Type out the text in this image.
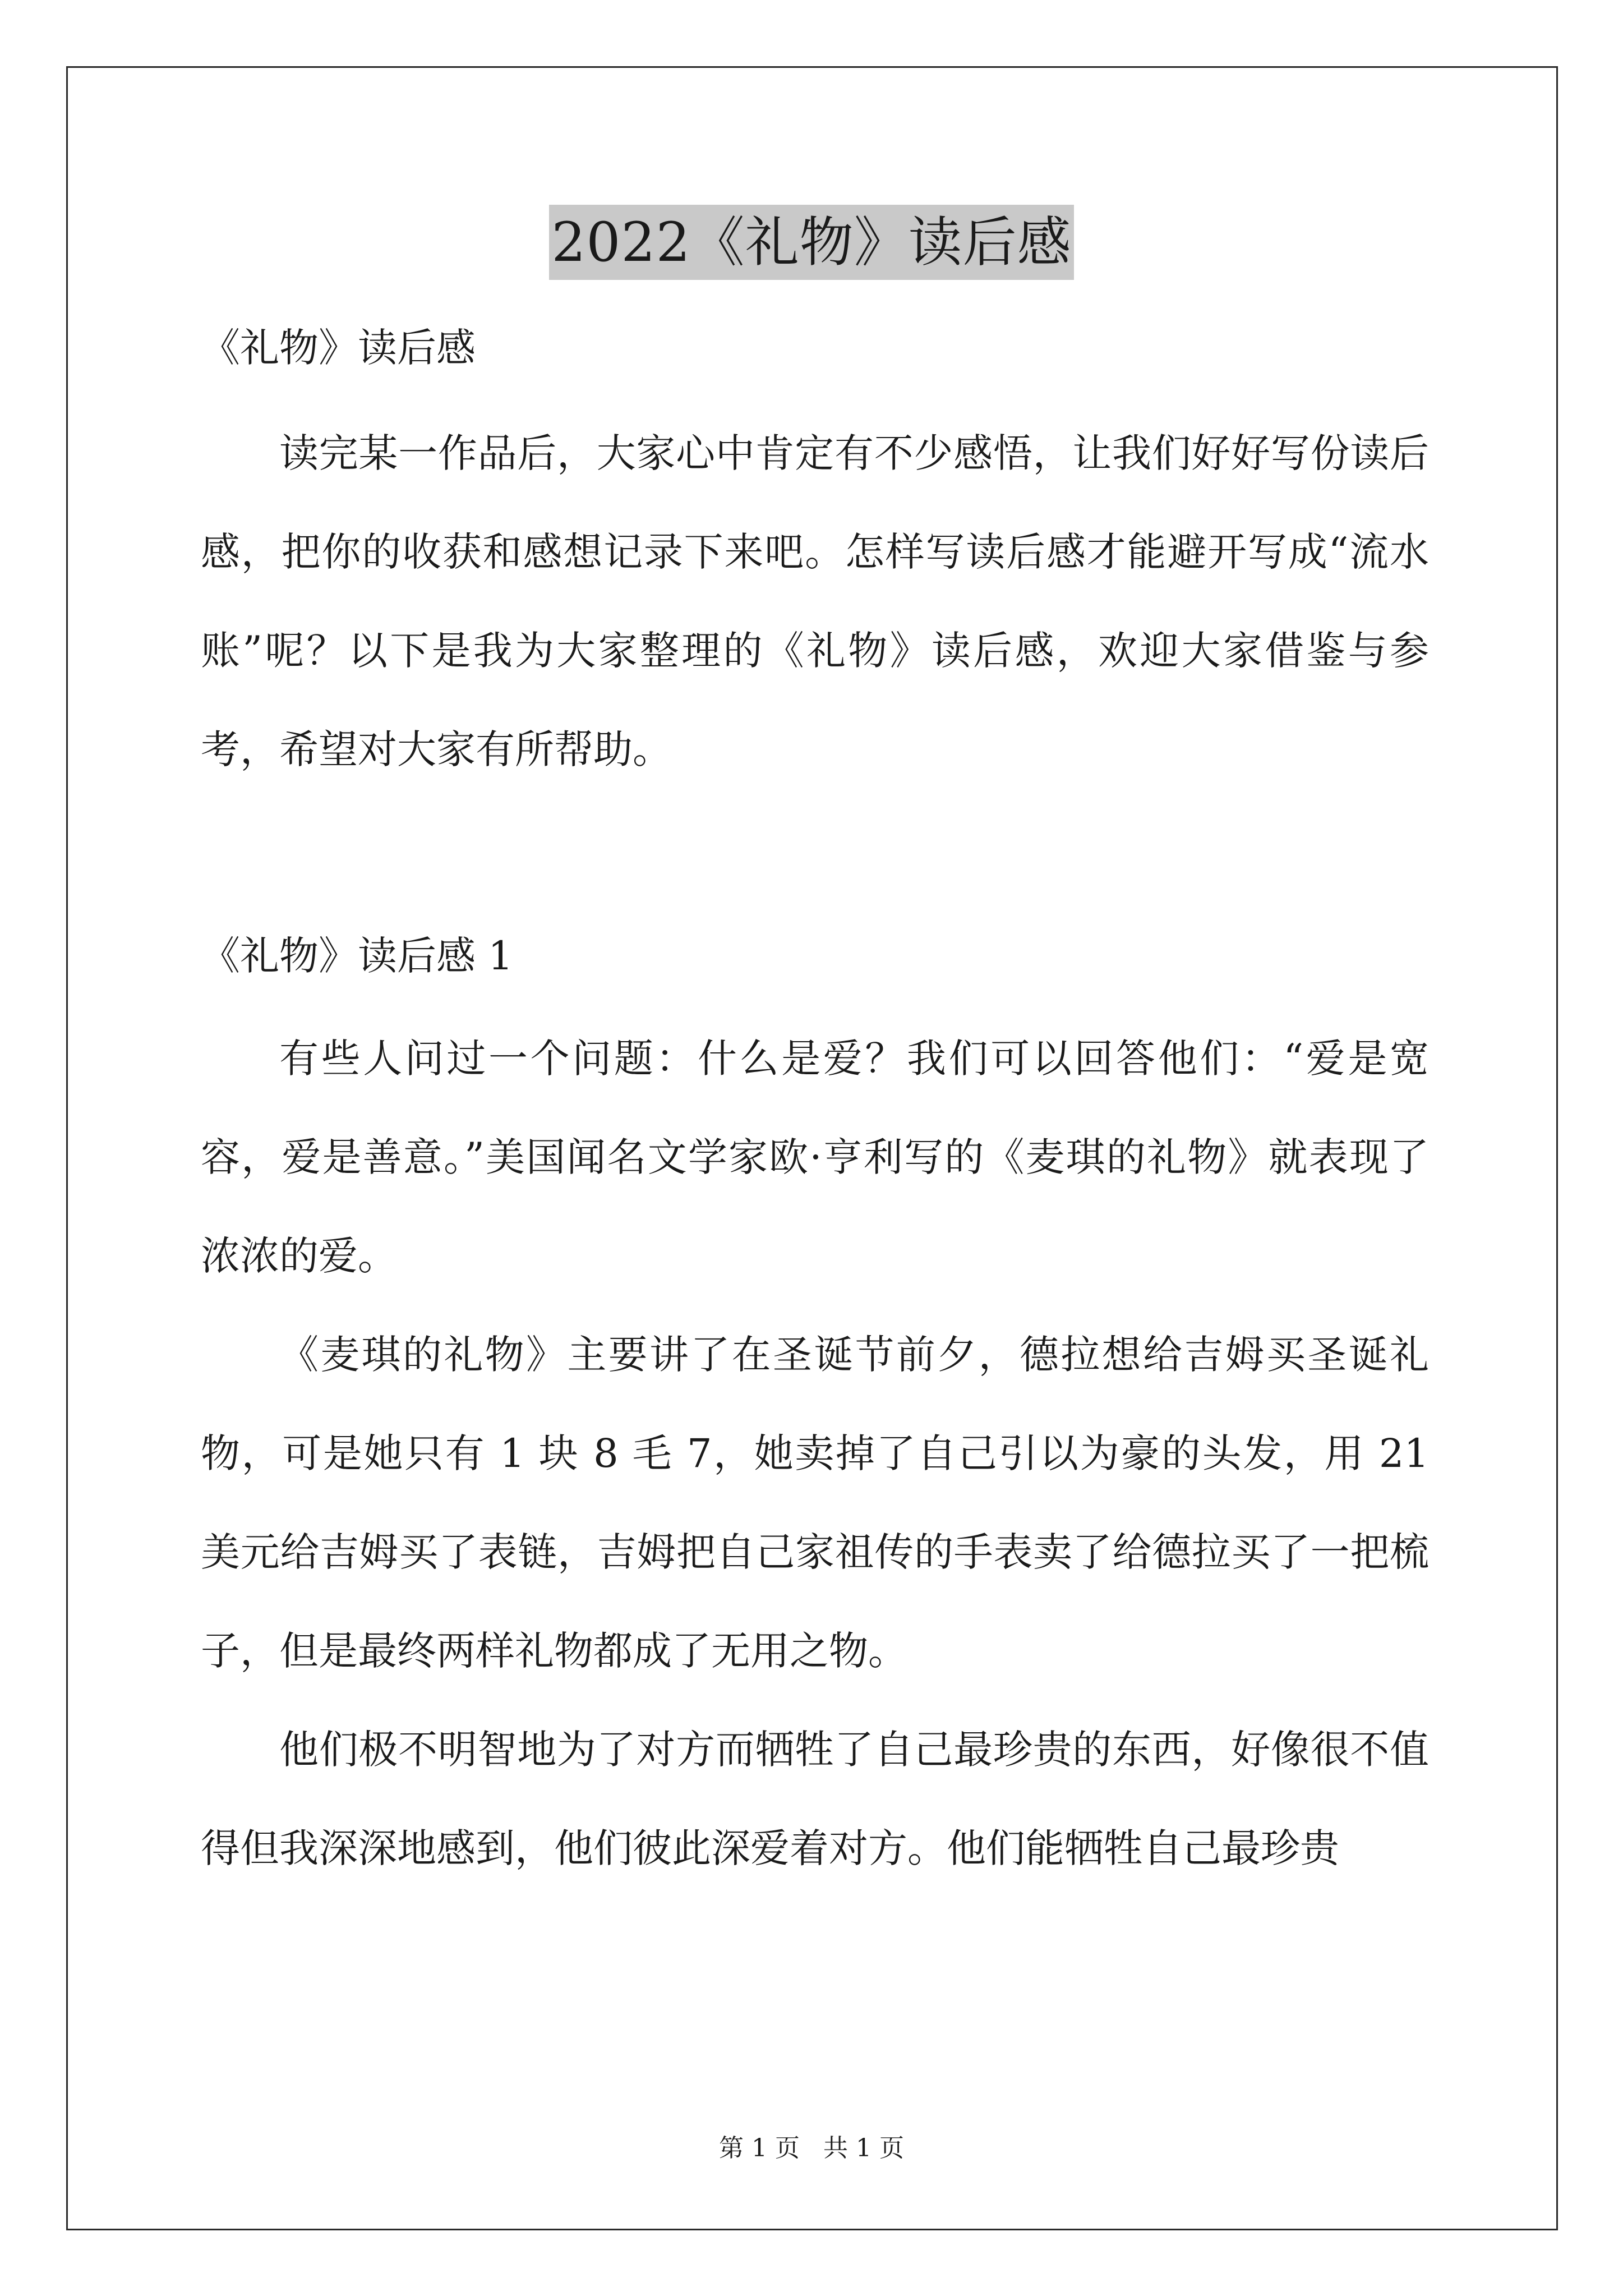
2022《礼物》读后感

《礼物》读后感

读完某一作品后，大家心中肯定有不少感悟，让我们好好写份读后感，把你的收获和感想记录下来吧。怎样写读后感才能避开写成“流水账”呢？以下是我为大家整理的《礼物》读后感，欢迎大家借鉴与参考，希望对大家有所帮助。

《礼物》读后感 1

有些人问过一个问题：什么是爱？我们可以回答他们：“爱是宽容，爱是善意。”美国闻名文学家欧·亨利写的《麦琪的礼物》就表现了浓浓的爱。

《麦琪的礼物》主要讲了在圣诞节前夕，德拉想给吉姆买圣诞礼物，可是她只有 1 块 8 毛 7，她卖掉了自己引以为豪的头发，用 21 美元给吉姆买了表链，吉姆把自己家祖传的手表卖了给德拉买了一把梳子，但是最终两样礼物都成了无用之物。

他们极不明智地为了对方而牺牲了自己最珍贵的东西，好像很不值得但我深深地感到，他们彼此深爱着对方。他们能牺牲自己最珍贵

第 1 页   共 1 页
